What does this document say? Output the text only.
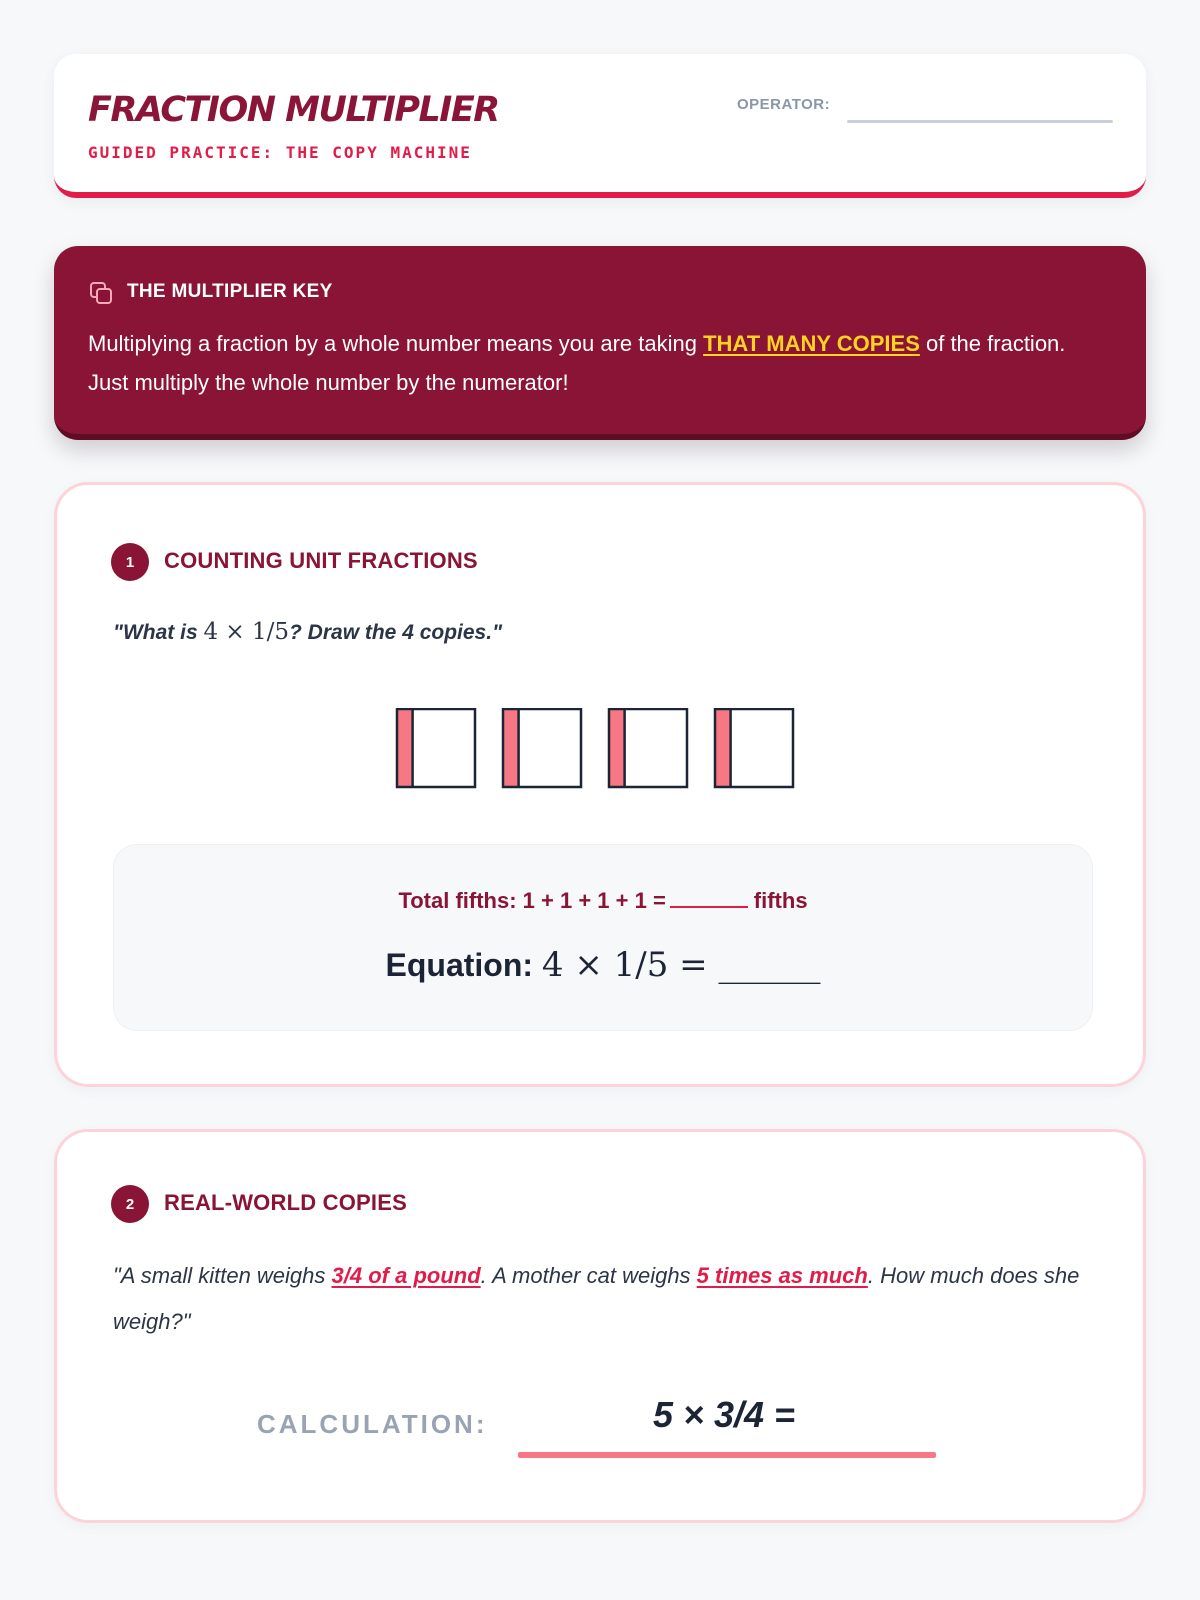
FRACTION MULTIPLIER
GUIDED PRACTICE: THE COPY MACHINE
OPERATOR:
THE MULTIPLIER KEY
Multiplying a fraction by a whole number means you are taking THAT MANY COPIES of the fraction. Just multiply the whole number by the numerator!
1	COUNTING UNIT FRACTIONS
"What is 4 × 1/5? Draw the 4 copies."
Total fifths: 1 + 1 + 1 + 1 =	fifths
Equation: 4 × 1/5 = ______
2	REAL-WORLD COPIES
"A small kitten weighs 3/4 of a pound. A mother cat weighs 5 times as much. How much does she weigh?"
CALCULATION:	5 × 3/4 =
